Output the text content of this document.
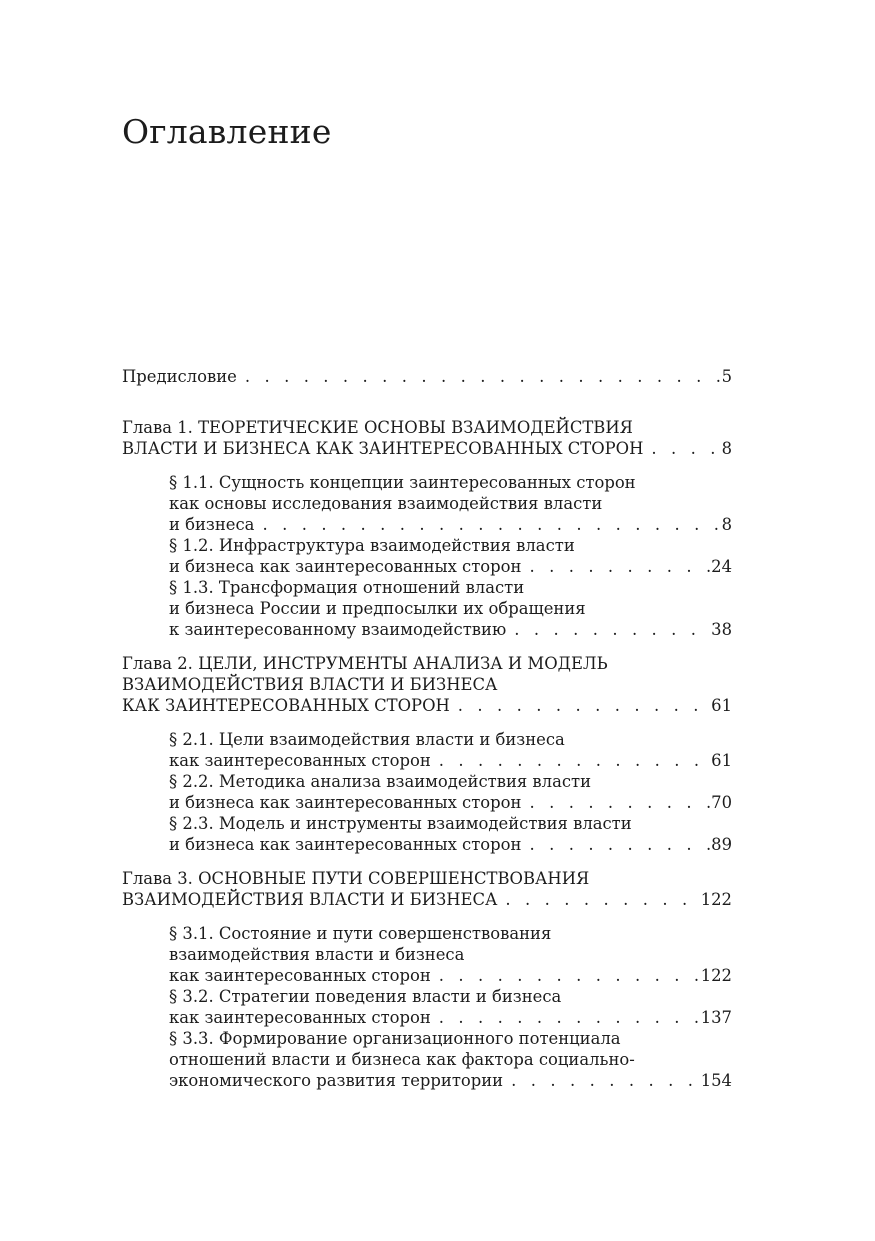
Оглавление
Предисловие . . .	5
Глава 1. ТЕОРЕТИЧЕСКИЕ ОСНОВЫ ВЗАИМОДЕЙСТВИЯ
ВЛАСТИ И БИЗНЕСА КАК ЗАИНТЕРЕСОВАННЫХ СТОРОН . . .	8
§ 1.1. Сущность концепции заинтересованных сторон
как основы исследования взаимодействия власти
и бизнеса . . .	8
§ 1.2. Инфраструктура взаимодействия власти
и бизнеса как заинтересованных сторон . . .	24
§ 1.3. Трансформация отношений власти
и бизнеса России и предпосылки их обращения
к заинтересованному взаимодействию . . .	38
Глава 2. ЦЕЛИ, ИНСТРУМЕНТЫ АНАЛИЗА И МОДЕЛЬ
ВЗАИМОДЕЙСТВИЯ ВЛАСТИ И БИЗНЕСА
КАК ЗАИНТЕРЕСОВАННЫХ СТОРОН . . .	61
§ 2.1. Цели взаимодействия власти и бизнеса
как заинтересованных сторон . . .	61
§ 2.2. Методика анализа взаимодействия власти
и бизнеса как заинтересованных сторон . . .	70
§ 2.3. Модель и инструменты взаимодействия власти
и бизнеса как заинтересованных сторон . . .	89
Глава 3. ОСНОВНЫЕ ПУТИ СОВЕРШЕНСТВОВАНИЯ
ВЗАИМОДЕЙСТВИЯ ВЛАСТИ И БИЗНЕСА . . .	122
§ 3.1. Состояние и пути совершенствования
взаимодействия власти и бизнеса
как заинтересованных сторон . . .	122
§ 3.2. Стратегии поведения власти и бизнеса
как заинтересованных сторон . . .	137
§ 3.3. Формирование организационного потенциала
отношений власти и бизнеса как фактора социально-
экономического развития территории . . .	154
